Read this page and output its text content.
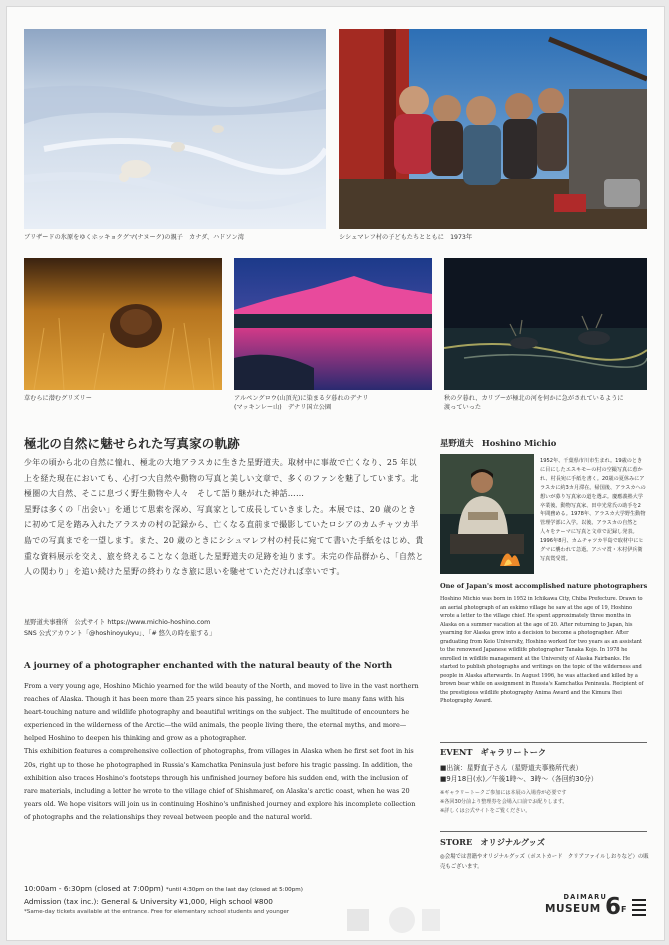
ブリザードの氷原をゆくホッキョクグマ(ナヌーク)の親子　カナダ、ハドソン湾	シシュマレフ村の子どもたちとともに　1973年
草むらに潜むグリズリー	アルペングロウ(山頂光)に染まる夕暮れのデナリ
(マッキンレー山)　デナリ国立公園
秋の夕暮れ、カリブーが極北の河を何かに急がされているように
渡っていった
極北の自然に魅せられた写真家の軌跡
少年の頃から北の自然に憧れ、極北の大地アラスカに生きた星野道夫。取材中に事故で亡くなり、25 年以上を経た現在においても、心打つ大自然や動物の写真と美しい文章で、多くのファンを魅了しています。北極圏の大自然、そこに息づく野生動物や人々　そして語り継がれた神話……
星野は多くの「出会い」を通じて思索を深め、写真家として成長していきました。本展では、20 歳のときに初めて足を踏み入れたアラスカの村の記録から、亡くなる直前まで撮影していたロシアのカムチャツカ半島での写真までを一望します。また、20 歳のときにシシュマレフ村の村長に宛てて書いた手紙をはじめ、貴重な資料展示を交え、旅を終えることなく急逝した星野道夫の足跡を辿ります。未完の作品群から、「自然と人の関わり」を追い続けた星野の終わりなき旅に思いを馳せていただければ幸いです。
星野道夫事務所　公式サイト https://www.michio-hoshino.com
SNS 公式アカウント「@hoshinoyukyu」、「# 悠久の時を旅する」
A journey of a photographer enchanted with the natural beauty of the North
From a very young age, Hoshino Michio yearned for the wild beauty of the North, and moved to live in the vast northern reaches of Alaska. Though it has been more than 25 years since his passing, he continues to lure many fans with his heart-touching nature and wildlife photography and beautiful writings on the subject. The multitude of encounters he experienced in the wilderness of the Arctic—the wild animals, the people living there, the eternal myths, and more—helped Hoshino to deepen his thinking and grow as a photographer.
This exhibition features a comprehensive collection of photographs, from villages in Alaska when he first set foot in his 20s, right up to those he photographed in Russia's Kamchatka Peninsula just before his tragic passing. In addition, the exhibition also traces Hoshino's footsteps through his unfinished journey before his sudden end, with the inclusion of rare materials, including a letter he wrote to the village chief of Shishmaref, on Alaska's arctic coast, when he was 20 years old. We hope visitors will join us in continuing Hoshino's unfinished journey and explore his incomplete collection of photographs and the relationships they reveal between people and the natural world.
10:00am - 6:30pm (closed at 7:00pm) *until 4:30pm on the last day (closed at 5:00pm)
Admission (tax inc.): General & University ¥1,000, High school ¥800
*Same-day tickets available at the entrance. Free for elementary school students and younger
星野道夫　Hoshino Michio
1952年、千葉県市川市生まれ。19歳のときに目にしたエスキモーの村の空撮写真に惹かれ、村長宛に手紙を書く。20歳の夏休みにアラスカに約3カ月滞在。帰国後、アラスカへの想いが募り写真家の道を選ぶ。慶應義塾大学卒業後、動物写真家、田中光常氏の助手を2年間務める。1978年、アラスカ大学野生動物管理学部に入学。以後、アラスカの自然と人々をテーマに写真と文章で記録し発表。1996年8月、カムチャツカ半島で取材中にヒグマに襲われて急逝。アニマ賞・木村伊兵衛写真賞受賞。
One of Japan's most accomplished nature photographers
Hoshino Michio was born in 1952 in Ichikawa City, Chiba Prefecture. Drawn to an aerial photograph of an eskimo village he saw at the age of 19, Hoshino wrote a letter to the village chief. He spent approximately three months in Alaska on a summer vacation at the age of 20. After returning to Japan, his yearning for Alaska grew into a decision to become a photographer. After graduating from Keio University, Hoshino worked for two years as an assistant to the renowned Japanese wildlife photographer Tanaka Kojo. In 1978 he enrolled in wildlife management at the University of Alaska Fairbanks. He started to publish photographs and writings on the topic of the wilderness and people in Alaska afterwards. In August 1996, he was attacked and killed by a brown bear while on assignment in Russia's Kamchatka Peninsula. Recipient of the prestigious wildlife photography Anima Award and the Kimura Ihei Photography Award.
EVENT　ギャラリートーク
■出演：星野直子さん（星野道夫事務所代表）
■9月18日(水)／午後1時～、3時～（各回約30分）
※ギャラリートークご参加には本展の入場券が必要です
※各回30分前より整理券を会場入口前でお配りします。
※詳しくは公式サイトをご覧ください。
STORE　オリジナルグッズ
◎会場では書籍やオリジナルグッズ（ポストカード　クリアファイルしおりなど）の販売もございます。
DAIMARU
MUSEUM 6 F
